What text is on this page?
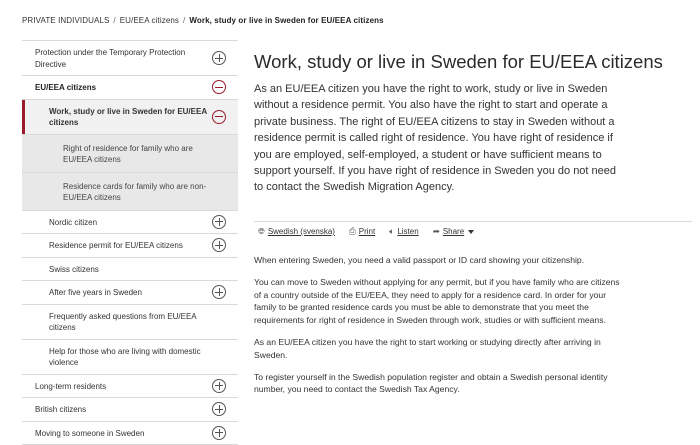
PRIVATE INDIVIDUALS / EU/EEA citizens / Work, study or live in Sweden for EU/EEA citizens
Protection under the Temporary Protection Directive
EU/EEA citizens
Work, study or live in Sweden for EU/EEA citizens
Right of residence for family who are EU/EEA citizens
Residence cards for family who are non-EU/EEA citizens
Nordic citizen
Residence permit for EU/EEA citizens
Swiss citizens
After five years in Sweden
Frequently asked questions from EU/EEA citizens
Help for those who are living with domestic violence
Long-term residents
British citizens
Moving to someone in Sweden
Work, study or live in Sweden for EU/EEA citizens

As an EU/EEA citizen you have the right to work, study or live in Sweden without a residence permit. You also have the right to start and operate a private business. The right of EU/EEA citizens to stay in Sweden without a residence permit is called right of residence. You have right of residence if you are employed, self-employed, a student or have sufficient means to support yourself. If you have right of residence in Sweden you do not need to contact the Swedish Migration Agency.

🌐︎ Swedish (svenska) ⎙ Print 🔈︎ Listen ➦ Share

When entering Sweden, you need a valid passport or ID card showing your citizenship.

You can move to Sweden without applying for any permit, but if you have family who are citizens of a country outside of the EU/EEA, they need to apply for a residence card. In order for your family to be granted residence cards you must be able to demonstrate that you meet the requirements for right of residence in Sweden through work, studies or with sufficient means.

As an EU/EEA citizen you have the right to start working or studying directly after arriving in Sweden.

To register yourself in the Swedish population register and obtain a Swedish personal identity number, you need to contact the Swedish Tax Agency.
